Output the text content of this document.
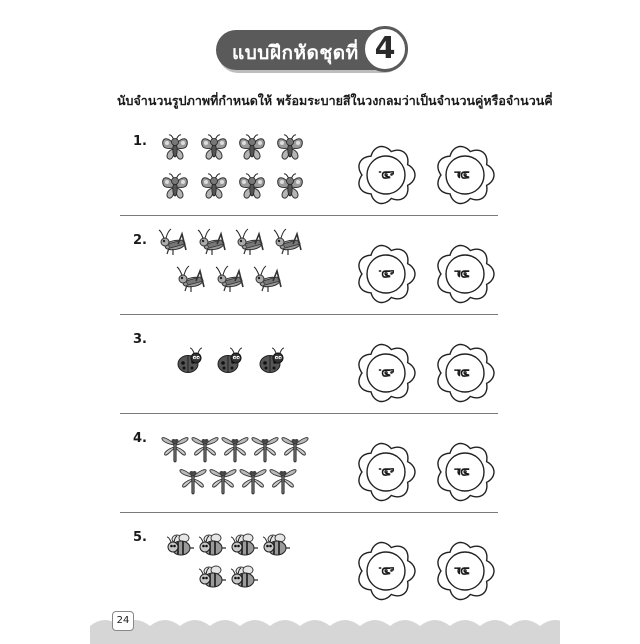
แบบฝึกหัดชุดที่ 4
นับจำนวนรูปภาพที่กำหนดให้ พร้อมระบายสีในวงกลมว่าเป็นจำนวนคู่หรือจำนวนคี่
1.
คู่	คี่
2.
คู่	คี่
3.
คู่	คี่
4.
คู่	คี่
5.
คู่	คี่
24
